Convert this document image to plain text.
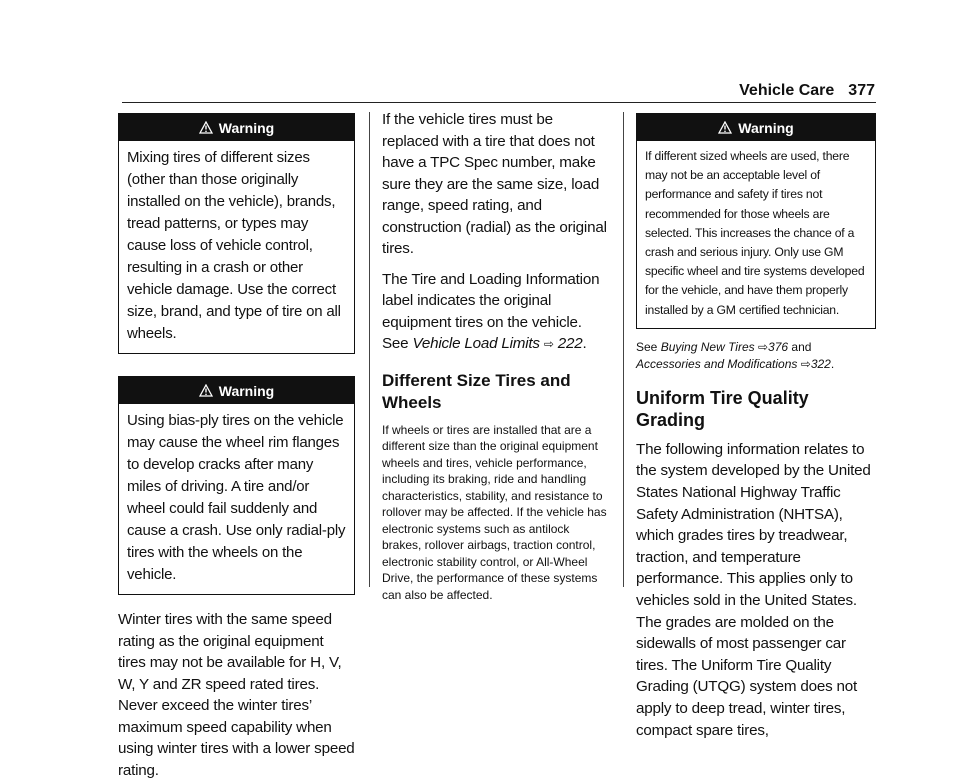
Vehicle Care 377
Warning
Mixing tires of different sizes (other than those originally installed on the vehicle), brands, tread patterns, or types may cause loss of vehicle control, resulting in a crash or other vehicle damage. Use the correct size, brand, and type of tire on all wheels.
Warning
Using bias-ply tires on the vehicle may cause the wheel rim flanges to develop cracks after many miles of driving. A tire and/or wheel could fail suddenly and cause a crash. Use only radial-ply tires with the wheels on the vehicle.

Winter tires with the same speed rating as the original equipment tires may not be available for H, V, W, Y and ZR speed rated tires. Never exceed the winter tires’ maximum speed capability when using winter tires with a lower speed rating.

If the vehicle tires must be replaced with a tire that does not have a TPC Spec number, make sure they are the same size, load range, speed rating, and construction (radial) as the original tires.

The Tire and Loading Information label indicates the original equipment tires on the vehicle. See Vehicle Load Limits ⇨ 222.

Different Size Tires and Wheels

If wheels or tires are installed that are a different size than the original equipment wheels and tires, vehicle performance, including its braking, ride and handling characteristics, stability, and resistance to rollover may be affected. If the vehicle has electronic systems such as antilock brakes, rollover airbags, traction control, electronic stability control, or All-Wheel Drive, the performance of these systems can also be affected.

Warning
If different sized wheels are used, there may not be an acceptable level of performance and safety if tires not recommended for those wheels are selected. This increases the chance of a crash and serious injury. Only use GM specific wheel and tire systems developed for the vehicle, and have them properly installed by a GM certified technician.

See Buying New Tires ⇨376 and
Accessories and Modifications ⇨322.

Uniform Tire Quality Grading

The following information relates to the system developed by the United States National Highway Traffic Safety Administration (NHTSA), which grades tires by treadwear, traction, and temperature performance. This applies only to vehicles sold in the United States. The grades are molded on the sidewalls of most passenger car tires. The Uniform Tire Quality Grading (UTQG) system does not apply to deep tread, winter tires, compact spare tires,
